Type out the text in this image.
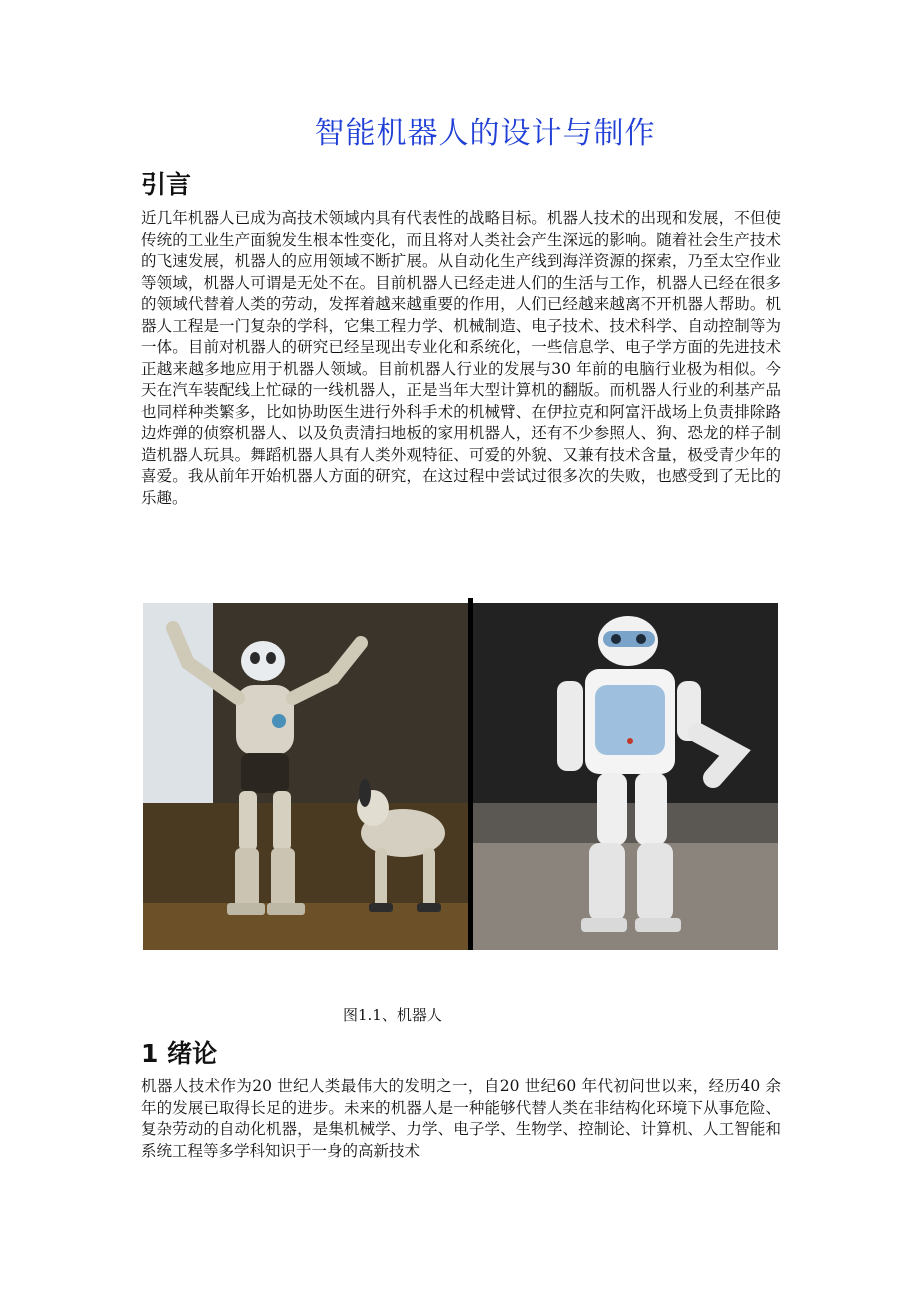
智能机器人的设计与制作
引言

近几年机器人已成为高技术领域内具有代表性的战略目标。机器人技术的出现和发展，不但使传统的工业生产面貌发生根本性变化，而且将对人类社会产生深远的影响。随着社会生产技术的飞速发展，机器人的应用领域不断扩展。从自动化生产线到海洋资源的探索，乃至太空作业等领域，机器人可谓是无处不在。目前机器人已经走进人们的生活与工作，机器人已经在很多的领域代替着人类的劳动，发挥着越来越重要的作用，人们已经越来越离不开机器人帮助。机器人工程是一门复杂的学科，它集工程力学、机械制造、电子技术、技术科学、自动控制等为一体。目前对机器人的研究已经呈现出专业化和系统化，一些信息学、电子学方面的先进技术正越来越多地应用于机器人领域。目前机器人行业的发展与30 年前的电脑行业极为相似。今天在汽车装配线上忙碌的一线机器人，正是当年大型计算机的翻版。而机器人行业的利基产品也同样种类繁多，比如协助医生进行外科手术的机械臂、在伊拉克和阿富汗战场上负责排除路边炸弹的侦察机器人、以及负责清扫地板的家用机器人，还有不少参照人、狗、恐龙的样子制造机器人玩具。舞蹈机器人具有人类外观特征、可爱的外貌、又兼有技术含量，极受青少年的喜爱。我从前年开始机器人方面的研究，在这过程中尝试过很多次的失败，也感受到了无比的乐趣。

图1.1、机器人
1 绪论

机器人技术作为20 世纪人类最伟大的发明之一，自20 世纪60 年代初问世以来，经历40 余年的发展已取得长足的进步。未来的机器人是一种能够代替人类在非结构化环境下从事危险、复杂劳动的自动化机器，是集机械学、力学、电子学、生物学、控制论、计算机、人工智能和系统工程等多学科知识于一身的高新技术
